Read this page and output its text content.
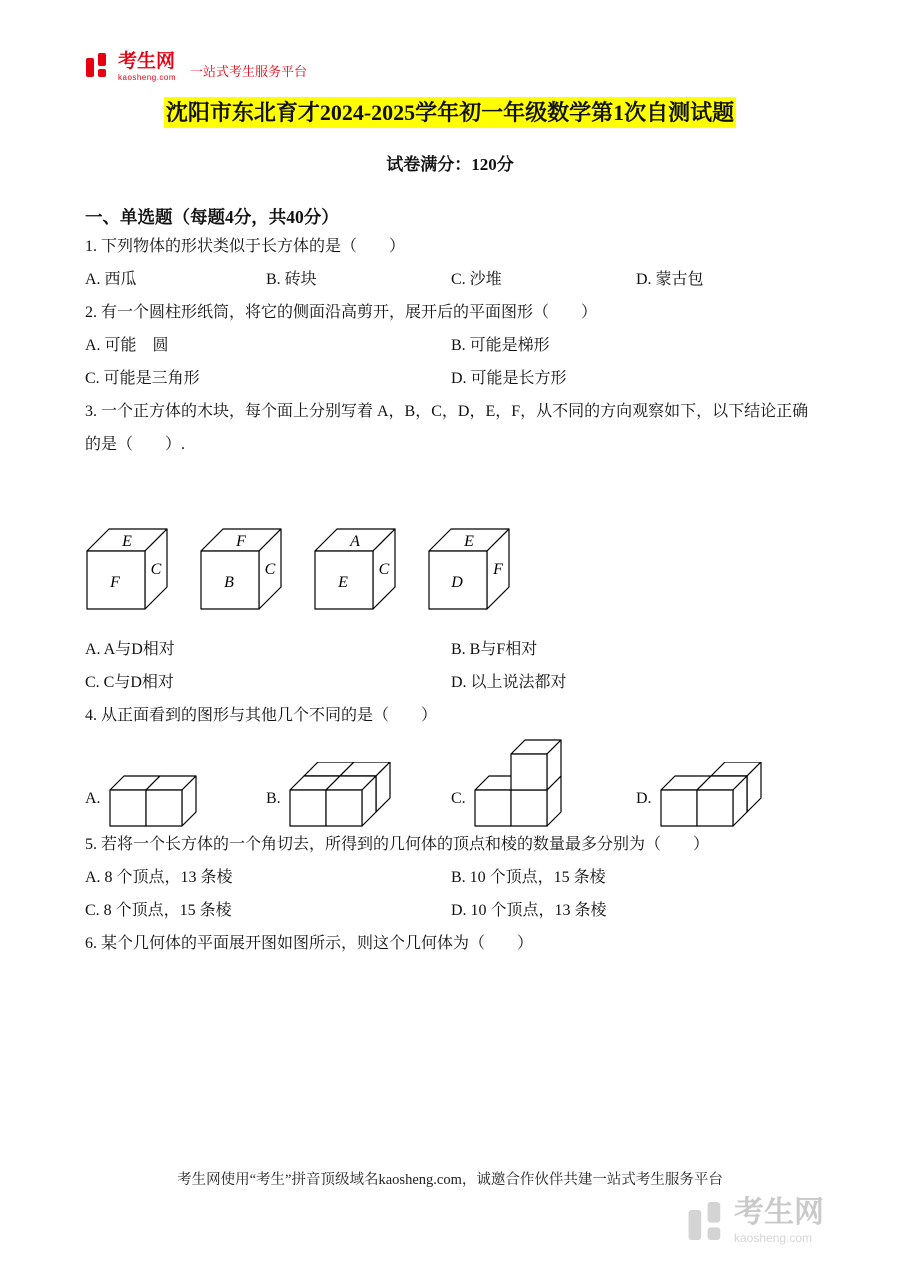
考生网
kaosheng.com 一站式考生服务平台
沈阳市东北育才2024-2025学年初一年级数学第1次自测试题
试卷满分：120分
一、单选题（每题4分，共40分）

1. 下列物体的形状类似于长方体的是（　　）

A. 西瓜	B. 砖块	C. 沙堆	D. 蒙古包

2. 有一个圆柱形纸筒，将它的侧面沿高剪开，展开后的平面图形（　　）

A. 可能　圆	B. 可能是梯形
C. 可能是三角形	D. 可能是长方形

3. 一个正方体的木块，每个面上分别写着 A，B，C，D，E，F，从不同的方向观察如下，以下结论正确的是（　　）.

E
F
C
F
B
C
A
E
C
E
D
F
A. A与D相对	B. B与F相对
C. C与D相对	D. 以上说法都对

4. 从正面看到的图形与其他几个不同的是（　　）

A.	B.	C.	D.

5. 若将一个长方体的一个角切去，所得到的几何体的顶点和棱的数量最多分别为（　　）

A. 8 个顶点，13 条棱	B. 10 个顶点，15 条棱
C. 8 个顶点，15 条棱	D. 10 个顶点，13 条棱

6. 某个几何体的平面展开图如图所示，则这个几何体为（　　）

考生网使用“考生”拼音顶级域名kaosheng.com，诚邀合作伙伴共建一站式考生服务平台
考生网
kaosheng.com
